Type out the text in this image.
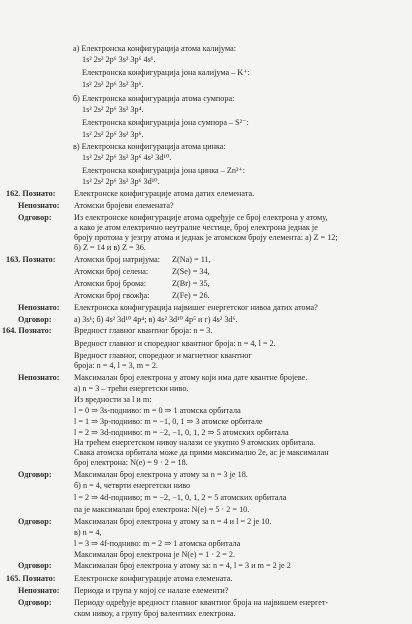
а) Електронска конфигурација атома калијума:
1s² 2s² 2p⁶ 3s² 3p⁶ 4s¹.
Електронска конфигурација јона калијума – K⁺:
1s² 2s² 2p⁶ 3s² 3p⁶.
б) Електронска конфигурација атома сумпора:
1s² 2s² 2p⁶ 3s² 3p⁴.
Електронска конфигурација јона сумпора – S²⁻:
1s² 2s² 2p⁶ 3s² 3p⁶.
в) Електронска конфигурација атома цинка:
1s² 2s² 2p⁶ 3s² 3p⁶ 4s² 3d¹⁰.
Електронска конфигурација јона цинка – Zn²⁺:
1s² 2s² 2p⁶ 3s² 3p⁶ 3d¹⁰.
162. Познато: Електронске конфигурације атома датих елемената.
Непознато: Атомски бројеви елемената?
Одговор:	Из електронске конфигурације атома одређује се број електрона у атому,
а како је атом електрично неутралне честице, број електрона једнак је
броју протона у језгру атома и једнак је атомском броју елемента: а) Z = 12;
б) Z = 14 и в) Z = 36.
163. Познато: Атомски број натријума: Z(Na) = 11,
Атомски број селена:	Z(Se) = 34,
Атомски број брома:	Z(Br) = 35,
Атомски број гвожђа:	Z(Fe) = 26.
Непознато: Електронска конфигурација највишег енергетског нивоа датих атома?
Одговор:	а) 3s¹; б) 4s² 3d¹⁰ 4p⁴; в) 4s² 3d¹⁰ 4p⁵ и г) 4s² 3d⁶.
164. Познато:	Вредност главног квантног броја: n = 3.
Вредност главног и споредног квантног броја: n = 4, l = 2.
Вредност главног, споредног и магнетног квантног
броја: n = 4, l = 3, m = 2.
Непознато: Максималан број електрона у атому који има дате квантне бројеве.
а) n = 3 – трећи енергетски ниво.
Из вредности за l и m:
l = 0 ⇒ 3s-подниво: m = 0 ⇒ 1 атомска орбитала
l = 1 ⇒ 3p-подниво: m = −1, 0, 1 ⇒ 3 атомске орбитале
l = 2 ⇒ 3d-подниво: m = −2, −1, 0, 1, 2 ⇒ 5 атомских орбитала
На трећем енергетском нивоу налази се укупно 9 атомских орбитала.
Свака атомска орбитала може да прими максимално 2e, ас је максималан
број електрона: N(e) = 9 · 2 = 18.
Одговор:	Максималан број електрона у атому за n = 3 је 18.
б) n = 4, четврти енергетски ниво
l = 2 ⇒ 4d-подниво; m = −2, −1, 0, 1, 2 = 5 атомских орбитала
па је максималан број електрона: N(e) = 5 · 2 = 10.
Одговор:	Максималан број електрона у атому за n = 4 и l = 2 је 10.
в) n = 4,
l = 3 ⇒ 4f-подниво: m = 2 ⇒ 1 атомска орбитала
Максималан број електрона је N(e) = 1 · 2 = 2.
Одговор:	Максималан број електрона у атому за: n = 4, l = 3 и m = 2 је 2
165. Познато: Електронске конфигурације атома елемената.
Непознато: Периода и група у којој се налазе елементи?
Одговор:	Периоду одређује вредност главног квантног броја на највишем енергет-
ском нивоу, а групу број валентних електрона.
